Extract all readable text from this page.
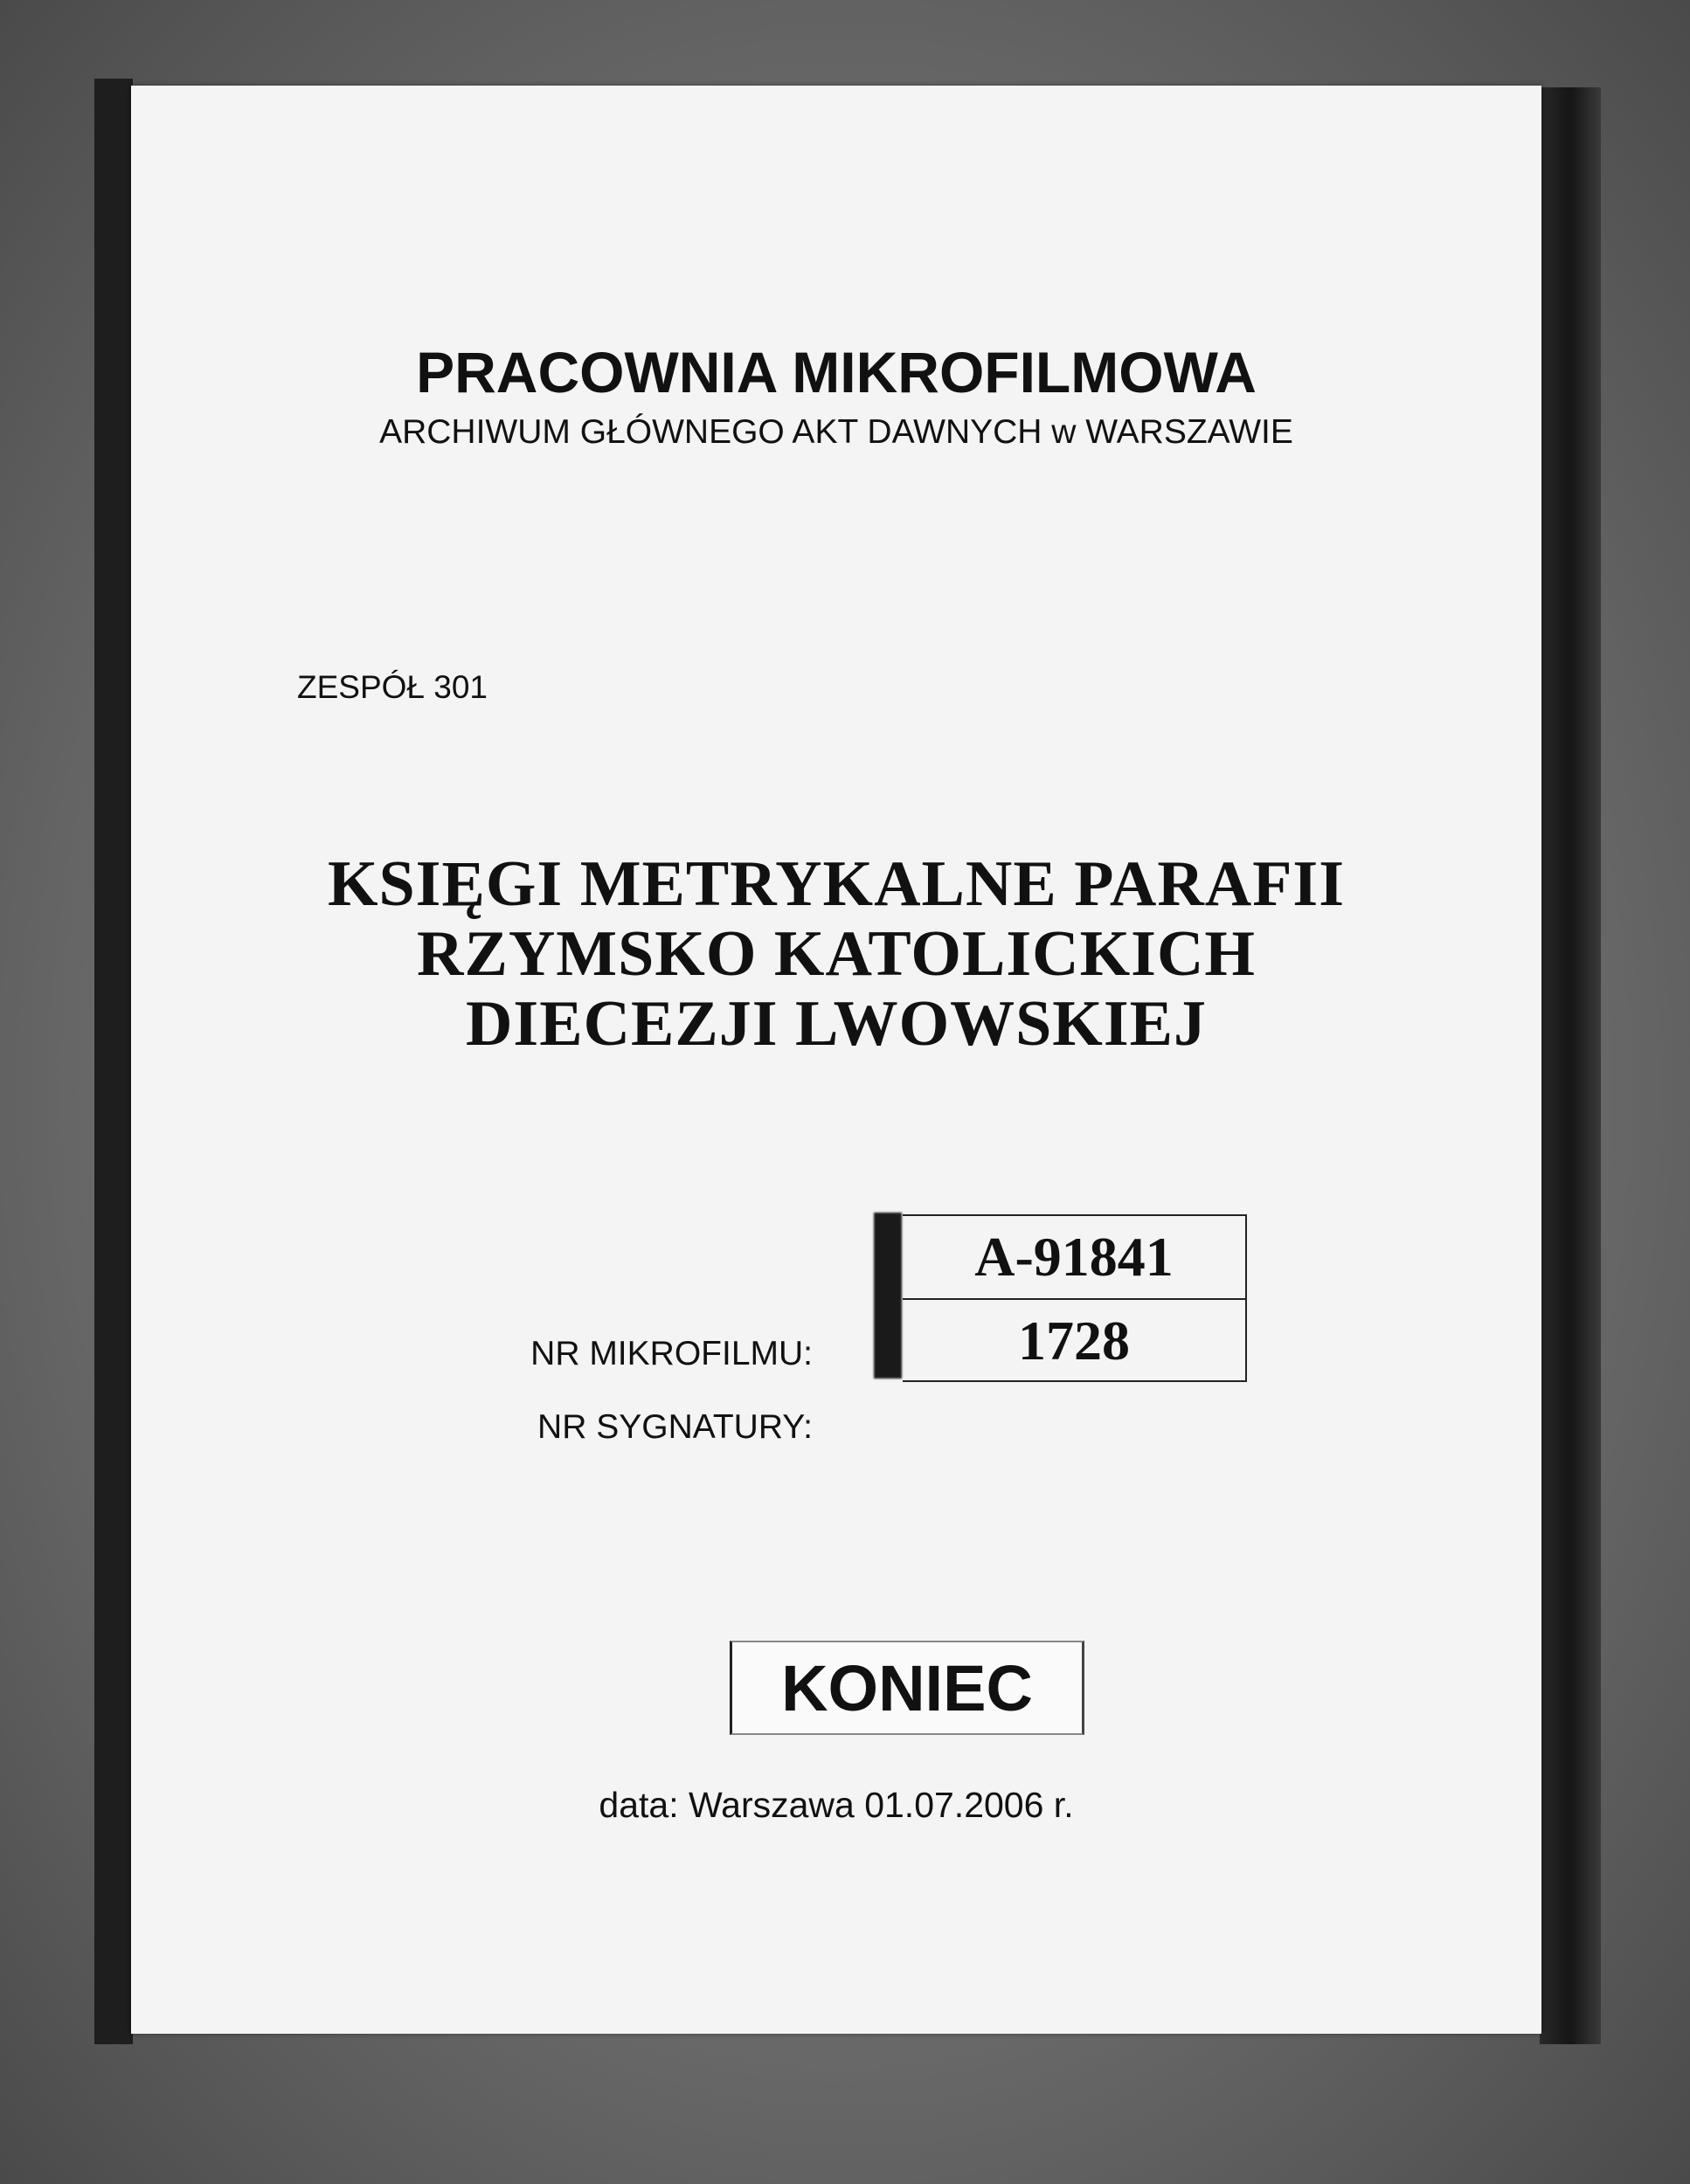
PRACOWNIA MIKROFILMOWA
ARCHIWUM GŁÓWNEGO AKT DAWNYCH w WARSZAWIE
ZESPÓŁ 301
KSIĘGI METRYKALNE PARAFII
RZYMSKO KATOLICKICH
DIECEZJI LWOWSKIEJ
NR MIKROFILMU:
NR SYGNATURY:
A-91841
1728
KONIEC
data: Warszawa 01.07.2006 r.
